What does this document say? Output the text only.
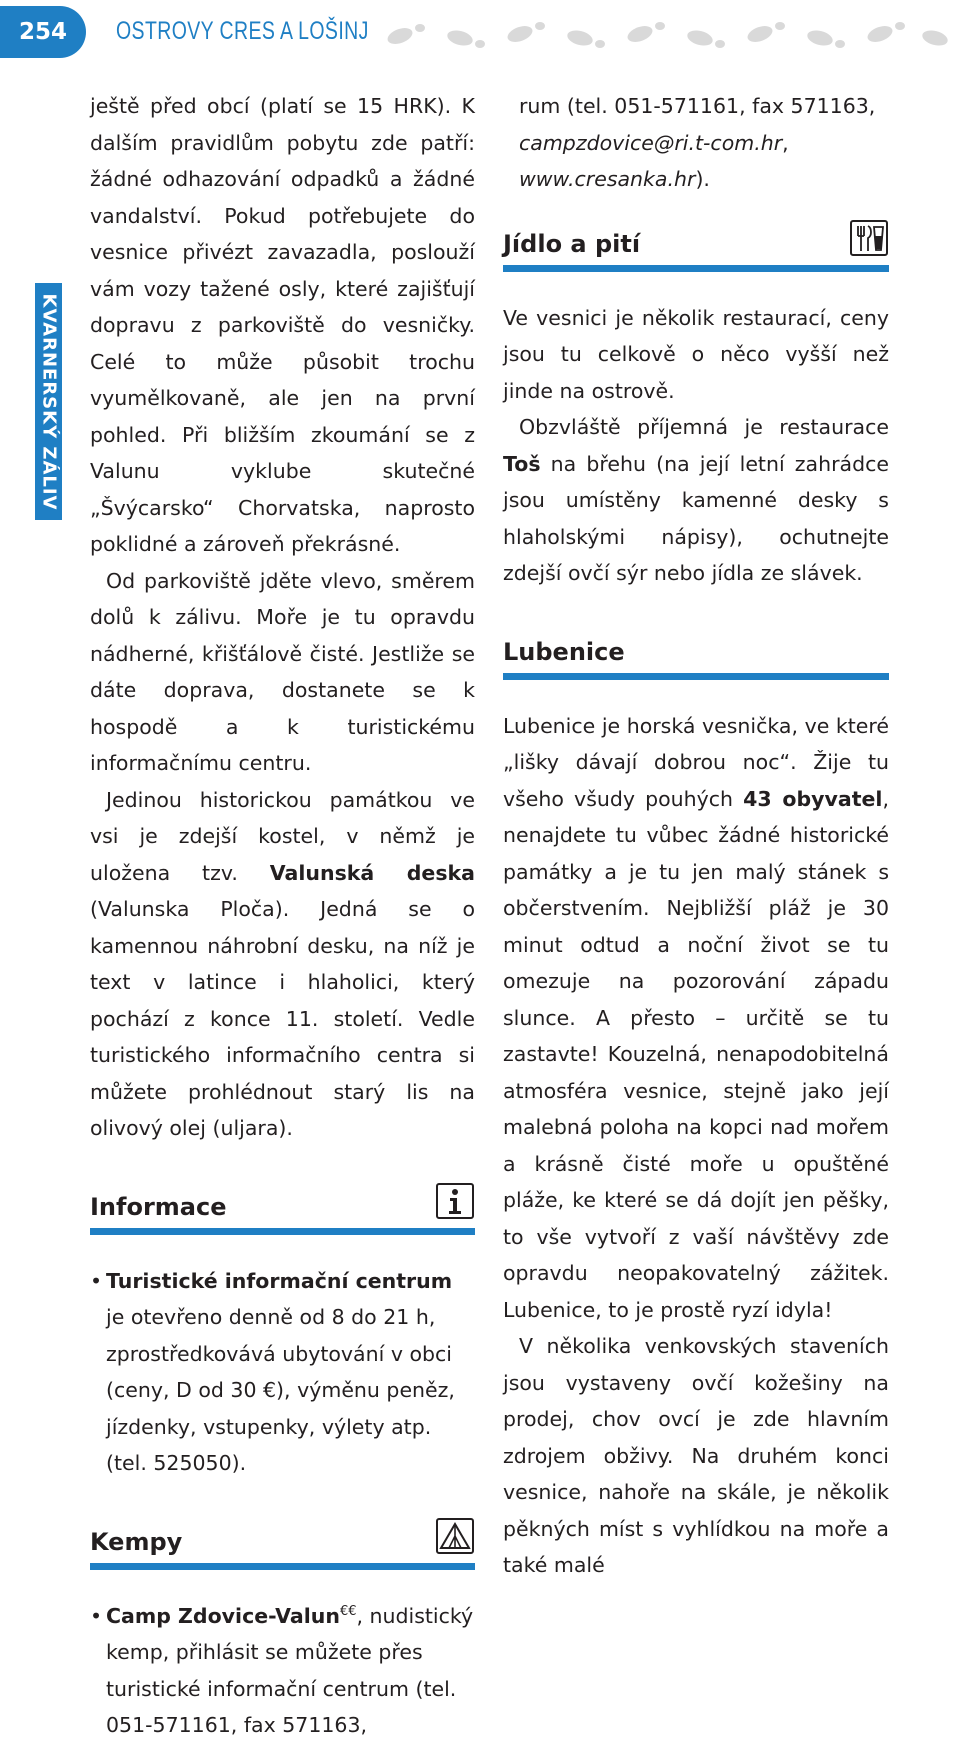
254	OSTROVY CRES A LOŠINJ
KVARNERSKÝ ZÁLIV

ještě před obcí (platí se 15 HRK). K dalším pravidlům pobytu zde patří: žádné odhazování odpadků a žádné vandalství. Pokud potřebujete do vesnice přivézt zavazadla, poslouží vám vozy tažené osly, které zajišťují dopravu z parkoviště do vesničky. Celé to může působit trochu vyumělkovaně, ale jen na první pohled. Při bližším zkoumání se z Valunu vyklube skutečné „Švýcarsko“ Chorvatska, naprosto poklidné a zároveň překrásné.

Od parkoviště jděte vlevo, směrem dolů k zálivu. Moře je tu opravdu nádherné, křišťálově čisté. Jestliže se dáte doprava, dostanete se k hospodě a k turistickému informačnímu centru.

Jedinou historickou památkou ve vsi je zdejší kostel, v němž je uložena tzv. Valunská deska (Valunska Ploča). Jedná se o kamennou náhrobní desku, na níž je text v latince i hlaholici, který pochází z konce 11. století. Vedle turistického informačního centra si můžete prohlédnout starý lis na olivový olej (uljara).

Informace
• Turistické informační centrum je otevřeno denně od 8 do 21 h, zprostředkovává ubytování v obci (ceny, D od 30 €), výměnu peněz, jízdenky, vstupenky, výlety atp. (tel. 525050).
Kempy
• Camp Zdovice-Valun€€, nudistický kemp, přihlásit se můžete přes turistické informační centrum (tel. 051-571161, fax 571163,

rum (tel. 051-571161, fax 571163,
campzdovice@ri.t-com.hr,
www.cresanka.hr).

Jídlo a pití

Ve vesnici je několik restaurací, ceny jsou tu celkově o něco vyšší než jinde na ostrově.

Obzvláště příjemná je restaurace Toš na břehu (na její letní zahrádce jsou umístěny kamenné desky s hlaholskými nápisy), ochutnejte zdejší ovčí sýr nebo jídla ze slávek.

Lubenice

Lubenice je horská vesnička, ve které „lišky dávají dobrou noc“. Žije tu všeho všudy pouhých 43 obyvatel, nenajdete tu vůbec žádné historické památky a je tu jen malý stánek s občerstvením. Nejbližší pláž je 30 minut odtud a noční život se tu omezuje na pozorování západu slunce. A přesto – určitě se tu zastavte! Kouzelná, nenapodobitelná atmosféra vesnice, stejně jako její malebná poloha na kopci nad mořem a krásně čisté moře u opuštěné pláže, ke které se dá dojít jen pěšky, to vše vytvoří z vaší návštěvy zde opravdu neopakovatelný zážitek. Lubenice, to je prostě ryzí idyla!

V několika venkovských staveních jsou vystaveny ovčí kožešiny na prodej, chov ovcí je zde hlavním zdrojem obživy. Na druhém konci vesnice, nahoře na skále, je několik pěkných míst s vyhlídkou na moře a také malé
